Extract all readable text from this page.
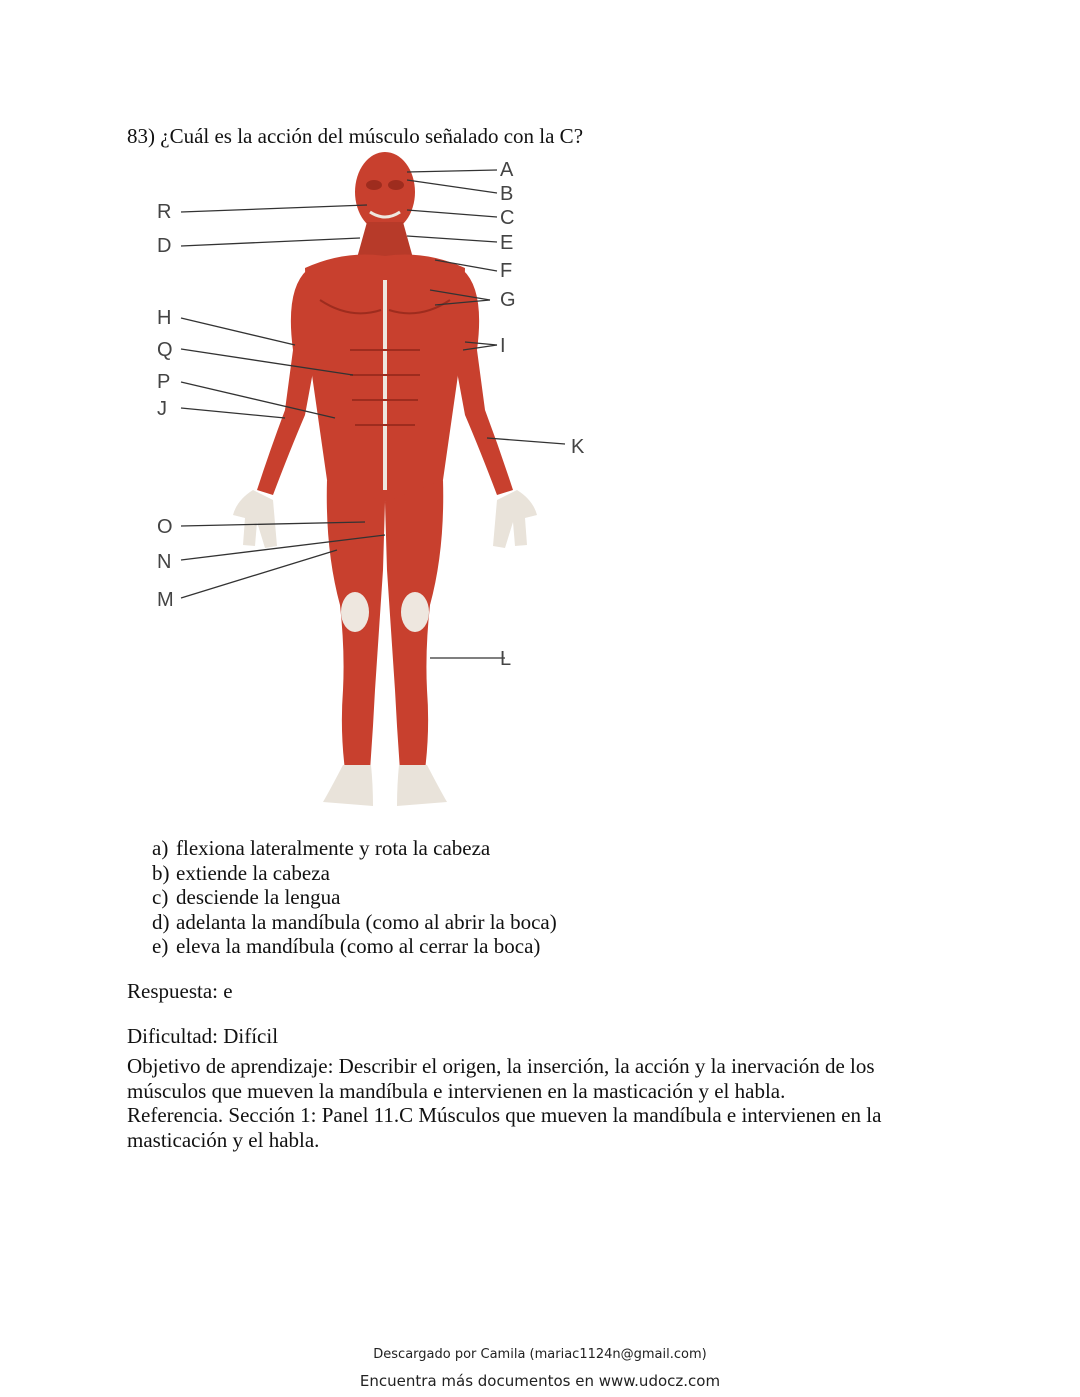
83) ¿Cuál es la acción del músculo señalado con la C?
A
B
C
E
F
G
I
K
L
R
D
H
Q
P
J
O
N
M
a) flexiona lateralmente y rota la cabeza
b) extiende la cabeza
c) desciende la lengua
d) adelanta la mandíbula (como al abrir la boca)
e) eleva la mandíbula (como al cerrar la boca)
Respuesta: e
Dificultad: Difícil
Objetivo de aprendizaje: Describir el origen, la inserción, la acción y la inervación de los músculos que mueven la mandíbula e intervienen en la masticación y el habla.
Referencia. Sección 1: Panel 11.C Músculos que mueven la mandíbula e intervienen en la masticación y el habla.
Descargado por Camila (mariac1124n@gmail.com)
Encuentra más documentos en www.udocz.com
